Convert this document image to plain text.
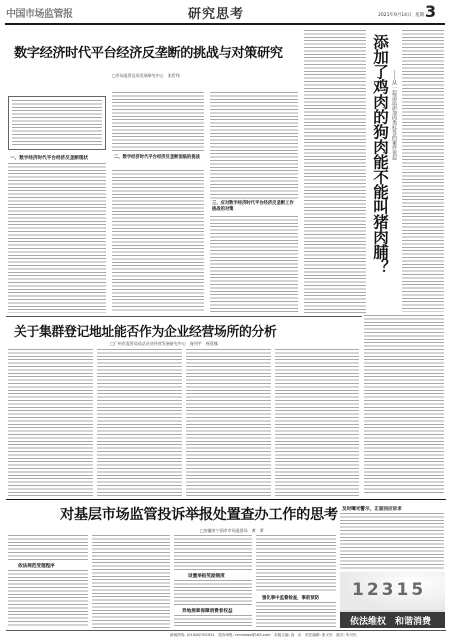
中国市场监管报	研究思考	2021年9月14日 星期二
3
数字经济时代平台经济反垄断的挑战与对策研究
□市场监管总局发展研究中心　张哲纬
一、数字经济时代平台经济反垄断现状	二、数字经济时代平台经济反垄断面临的挑战
三、应对数字经济时代平台经济反垄断工作挑战的对策	添加了鸡肉的狗肉能不能叫猪肉脯？ ——从一起违法添加肉类标签的案件说起
关于集群登记地址能否作为企业经营场所的分析
□广州市监管局局总站业经营发展研究中心　庞列平　杨蔡娜
对基层市场监管投诉举报处置查办工作的思考
□安徽省宁国市市场监督局　黄　霄
依法规范受理程序
设置举报奖励制度
异地规章保障消费者权益
强化事中监督检查，事前预防
及时曝光警示，正面回应诉求
12315
依法维权　和谐消费
新闻热线: (010)82702021　投诉举报: cmrnews@163.com　本版主编: 高　乐　责任编辑: 张义民　版式: 朱可杰
